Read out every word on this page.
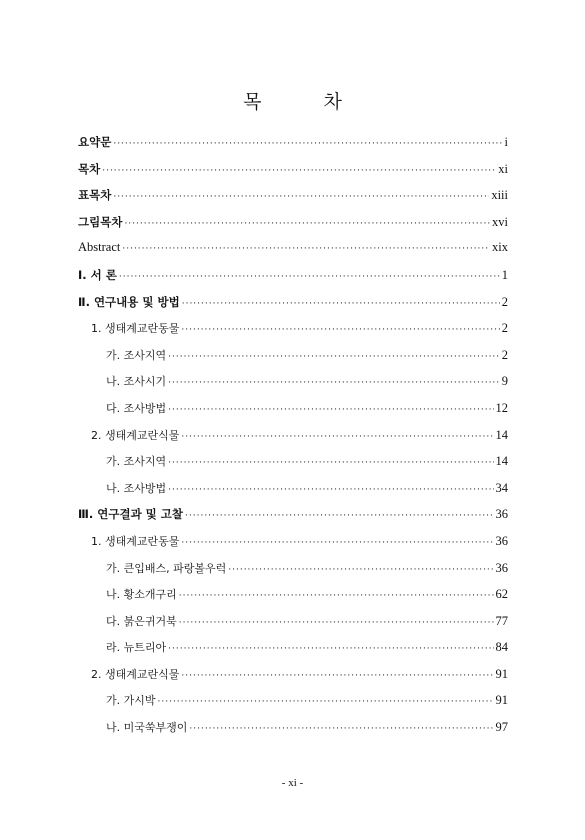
목 차
요약문 ·····	i
목차 ·····	xi
표목차 ·····	xiii
그림목차 ·····	xvi
Abstract ·····	xix
Ⅰ. 서 론 ·····	1
Ⅱ. 연구내용 및 방법 ·····	2
1. 생태계교란동물 ·····	2
가. 조사지역 ·····	2
나. 조사시기 ·····	9
다. 조사방법 ·····	12
2. 생태계교란식물 ·····	14
가. 조사지역 ·····	14
나. 조사방법 ·····	34
Ⅲ. 연구결과 및 고찰 ·····	36
1. 생태계교란동물 ·····	36
가. 큰입배스, 파랑볼우럭 ·····	36
나. 황소개구리 ·····	62
다. 붉은귀거북 ·····	77
라. 뉴트리아 ·····	84
2. 생태계교란식물 ·····	91
가. 가시박 ·····	91
나. 미국쑥부쟁이 ·····	97
- xi -
